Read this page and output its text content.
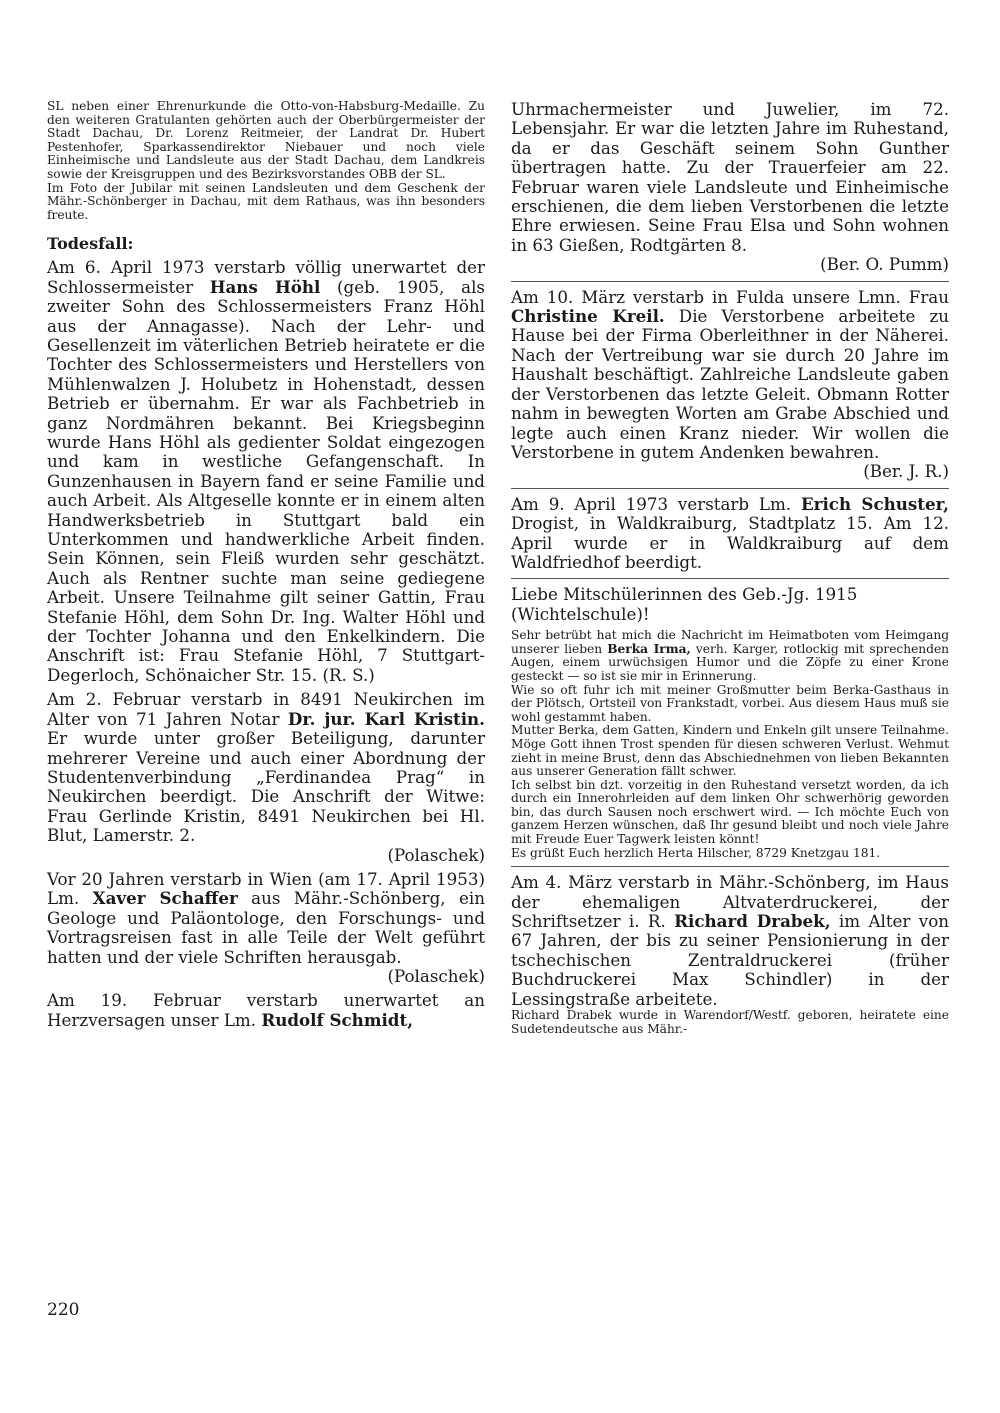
SL neben einer Ehrenurkunde die Otto-von-Habsburg-Medaille. Zu den weiteren Gratulanten gehörten auch der Oberbürgermeister der Stadt Dachau, Dr. Lorenz Reitmeier, der Landrat Dr. Hubert Pestenhofer, Sparkassendirektor Niebauer und noch viele Einheimische und Landsleute aus der Stadt Dachau, dem Landkreis sowie der Kreisgruppen und des Bezirksvorstandes OBB der SL.

Im Foto der Jubilar mit seinen Landsleuten und dem Geschenk der Mähr.-Schönberger in Dachau, mit dem Rathaus, was ihn besonders freute.

Todesfall:

Am 6. April 1973 verstarb völlig unerwartet der Schlossermeister Hans Höhl (geb. 1905, als zweiter Sohn des Schlossermeisters Franz Höhl aus der Annagasse). Nach der Lehr- und Gesellenzeit im väterlichen Betrieb heiratete er die Tochter des Schlossermeisters und Herstellers von Mühlenwalzen J. Holubetz in Hohenstadt, dessen Betrieb er übernahm. Er war als Fachbetrieb in ganz Nordmähren bekannt. Bei Kriegsbeginn wurde Hans Höhl als gedienter Soldat eingezogen und kam in westliche Gefangenschaft. In Gunzenhausen in Bayern fand er seine Familie und auch Arbeit. Als Altgeselle konnte er in einem alten Handwerksbetrieb in Stuttgart bald ein Unterkommen und handwerkliche Arbeit finden. Sein Können, sein Fleiß wurden sehr geschätzt. Auch als Rentner suchte man seine gediegene Arbeit. Unsere Teilnahme gilt seiner Gattin, Frau Stefanie Höhl, dem Sohn Dr. Ing. Walter Höhl und der Tochter Johanna und den Enkelkindern. Die Anschrift ist: Frau Stefanie Höhl, 7 Stuttgart-Degerloch, Schönaicher Str. 15. (R. S.)

Am 2. Februar verstarb in 8491 Neukirchen im Alter von 71 Jahren Notar Dr. jur. Karl Kristin. Er wurde unter großer Beteiligung, darunter mehrerer Vereine und auch einer Abordnung der Studentenverbindung „Ferdinandea Prag“ in Neukirchen beerdigt. Die Anschrift der Witwe: Frau Gerlinde Kristin, 8491 Neukirchen bei Hl. Blut, Lamerstr. 2.

(Polaschek)

Vor 20 Jahren verstarb in Wien (am 17. April 1953) Lm. Xaver Schaffer aus Mähr.-Schönberg, ein Geologe und Paläontologe, den Forschungs- und Vortragsreisen fast in alle Teile der Welt geführt hatten und der viele Schriften herausgab.

(Polaschek)

Am 19. Februar verstarb unerwartet an Herzversagen unser Lm. Rudolf Schmidt,

Uhrmachermeister und Juwelier, im 72. Lebensjahr. Er war die letzten Jahre im Ruhestand, da er das Geschäft seinem Sohn Gunther übertragen hatte. Zu der Trauerfeier am 22. Februar waren viele Landsleute und Einheimische erschienen, die dem lieben Verstorbenen die letzte Ehre erwiesen. Seine Frau Elsa und Sohn wohnen in 63 Gießen, Rodtgärten 8.

(Ber. O. Pumm)

Am 10. März verstarb in Fulda unsere Lmn. Frau Christine Kreil. Die Verstorbene arbeitete zu Hause bei der Firma Oberleithner in der Näherei. Nach der Vertreibung war sie durch 20 Jahre im Haushalt beschäftigt. Zahlreiche Landsleute gaben der Verstorbenen das letzte Geleit. Obmann Rotter nahm in bewegten Worten am Grabe Abschied und legte auch einen Kranz nieder. Wir wollen die Verstorbene in gutem Andenken bewahren.

(Ber. J. R.)

Am 9. April 1973 verstarb Lm. Erich Schuster, Drogist, in Waldkraiburg, Stadtplatz 15. Am 12. April wurde er in Waldkraiburg auf dem Waldfriedhof beerdigt.

Liebe Mitschülerinnen des Geb.-Jg. 1915 (Wichtelschule)!

Sehr betrübt hat mich die Nachricht im Heimatboten vom Heimgang unserer lieben Berka Irma, verh. Karger, rotlockig mit sprechenden Augen, einem urwüchsigen Humor und die Zöpfe zu einer Krone gesteckt — so ist sie mir in Erinnerung.

Wie so oft fuhr ich mit meiner Großmutter beim Berka-Gasthaus in der Plötsch, Ortsteil von Frankstadt, vorbei. Aus diesem Haus muß sie wohl gestammt haben.

Mutter Berka, dem Gatten, Kindern und Enkeln gilt unsere Teilnahme. Möge Gott ihnen Trost spenden für diesen schweren Verlust. Wehmut zieht in meine Brust, denn das Abschiednehmen von lieben Bekannten aus unserer Generation fällt schwer.

Ich selbst bin dzt. vorzeitig in den Ruhestand versetzt worden, da ich durch ein Innerohrleiden auf dem linken Ohr schwerhörig geworden bin, das durch Sausen noch erschwert wird. — Ich möchte Euch von ganzem Herzen wünschen, daß Ihr gesund bleibt und noch viele Jahre mit Freude Euer Tagwerk leisten könnt!

Es grüßt Euch herzlich Herta Hilscher, 8729 Knetzgau 181.

Am 4. März verstarb in Mähr.-Schönberg, im Haus der ehemaligen Altvaterdruckerei, der Schriftsetzer i. R. Richard Drabek, im Alter von 67 Jahren, der bis zu seiner Pensionierung in der tschechischen Zentraldruckerei (früher Buchdruckerei Max Schindler) in der Lessingstraße arbeitete.

Richard Drabek wurde in Warendorf/Westf. geboren, heiratete eine Sudetendeutsche aus Mähr.-

220
